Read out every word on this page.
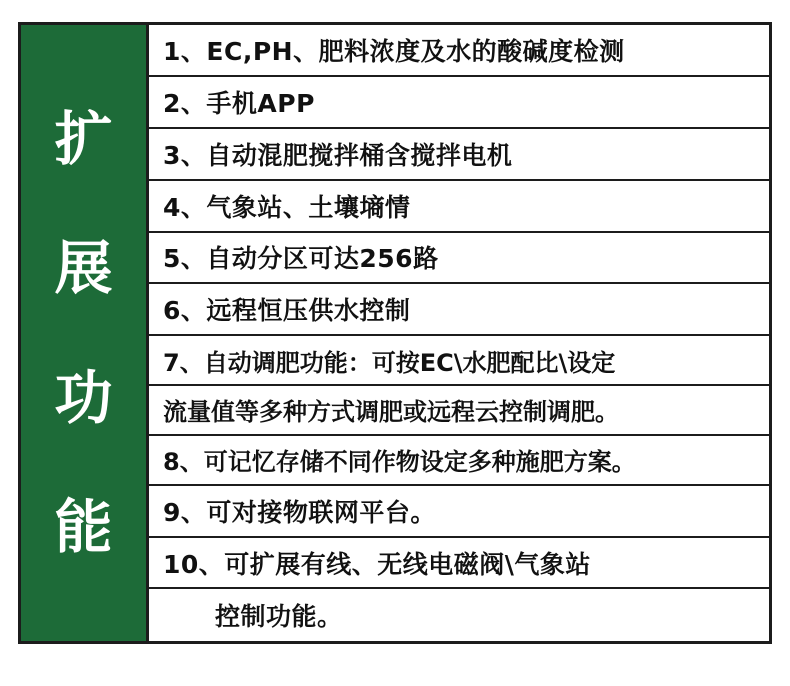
扩
展
功
能
1、EC,PH、肥料浓度及水的酸碱度检测
2、手机APP
3、自动混肥搅拌桶含搅拌电机
4、气象站、土壤墒情
5、自动分区可达256路
6、远程恒压供水控制
7、自动调肥功能：可按EC\水肥配比\设定
流量值等多种方式调肥或远程云控制调肥。
8、可记忆存储不同作物设定多种施肥方案。
9、可对接物联网平台。
10、可扩展有线、无线电磁阀\气象站
控制功能。
